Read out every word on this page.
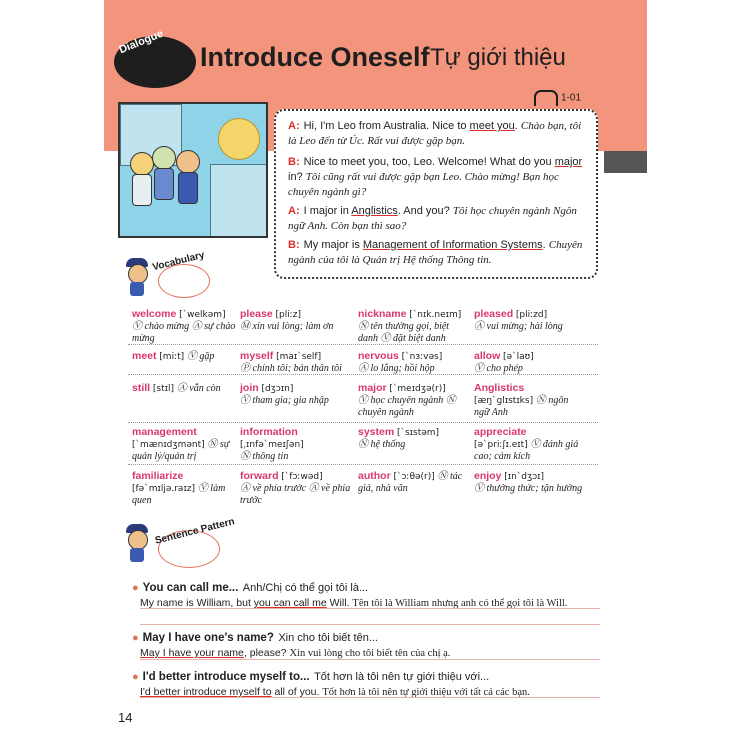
Dialogue Introduce Oneself Tự giới thiệu
1-01
A: Hi, I'm Leo from Australia. Nice to meet you. Chào bạn, tôi là Leo đến từ Úc. Rất vui được gặp bạn.
B: Nice to meet you, too, Leo. Welcome! What do you major in? Tôi cũng rất vui được gặp bạn Leo. Chào mừng! Bạn học chuyên ngành gì?
A: I major in Anglistics. And you? Tôi học chuyên ngành Ngôn ngữ Anh. Còn bạn thì sao?
B: My major is Management of Information Systems. Chuyên ngành của tôi là Quản trị Hệ thống Thông tin.
Vocabulary
welcome [ˋwelkəm]
Ⓥ chào mừng Ⓐ sự chào mừng
please [pliːz]
Ⓜ xin vui lòng; làm ơn
nickname [ˋnɪk.neɪm]
Ⓝ tên thường gọi, biệt danh Ⓥ đặt biệt danh
pleased [pliːzd]
Ⓐ vui mừng; hài lòng
meet [miːt] Ⓥ gặp	myself [maɪˋself]
Ⓟ chính tôi; bản thân tôi
nervous [ˋnɜːvəs]
Ⓐ lo lắng; hồi hộp
allow [əˋlaʊ]
Ⓥ cho phép
still [stɪl] Ⓐ vẫn còn	join [dʒɔɪn]
Ⓥ tham gia; gia nhập
major [ˋmeɪdʒə(r)]
Ⓥ học chuyên ngành Ⓝ chuyên ngành
Anglistics
[æŋˋglɪstɪks] Ⓝ ngôn ngữ Anh
management
[ˋmænɪdʒmənt] Ⓝ sự quản lý/quản trị
information
[ˌɪnfəˋmeɪʃən]
Ⓝ thông tin
system [ˋsɪstəm]
Ⓝ hệ thống
appreciate
[əˋpriːʃɪ.eɪt] Ⓥ đánh giá cao; cảm kích
familiarize
[fəˋmɪljə.raɪz] Ⓥ làm quen
forward [ˋfɔːwəd]
Ⓐ về phía trước Ⓐ về phía trước
author [ˋɔːθə(r)] Ⓝ tác giả, nhà văn
enjoy [ɪnˋdʒɔɪ]
Ⓥ thưởng thức; tận hưởng
Sentence Pattern
● You can call me... Anh/Chị có thể gọi tôi là...
My name is William, but you can call me Will. Tên tôi là William nhưng anh có thể gọi tôi là Will.
● May I have one's name? Xin cho tôi biết tên...
May I have your name, please? Xin vui lòng cho tôi biết tên của chị ạ.
● I'd better introduce myself to... Tốt hơn là tôi nên tự giới thiệu với...
I'd better introduce myself to all of you. Tốt hơn là tôi nên tự giới thiệu với tất cả các bạn.
14
